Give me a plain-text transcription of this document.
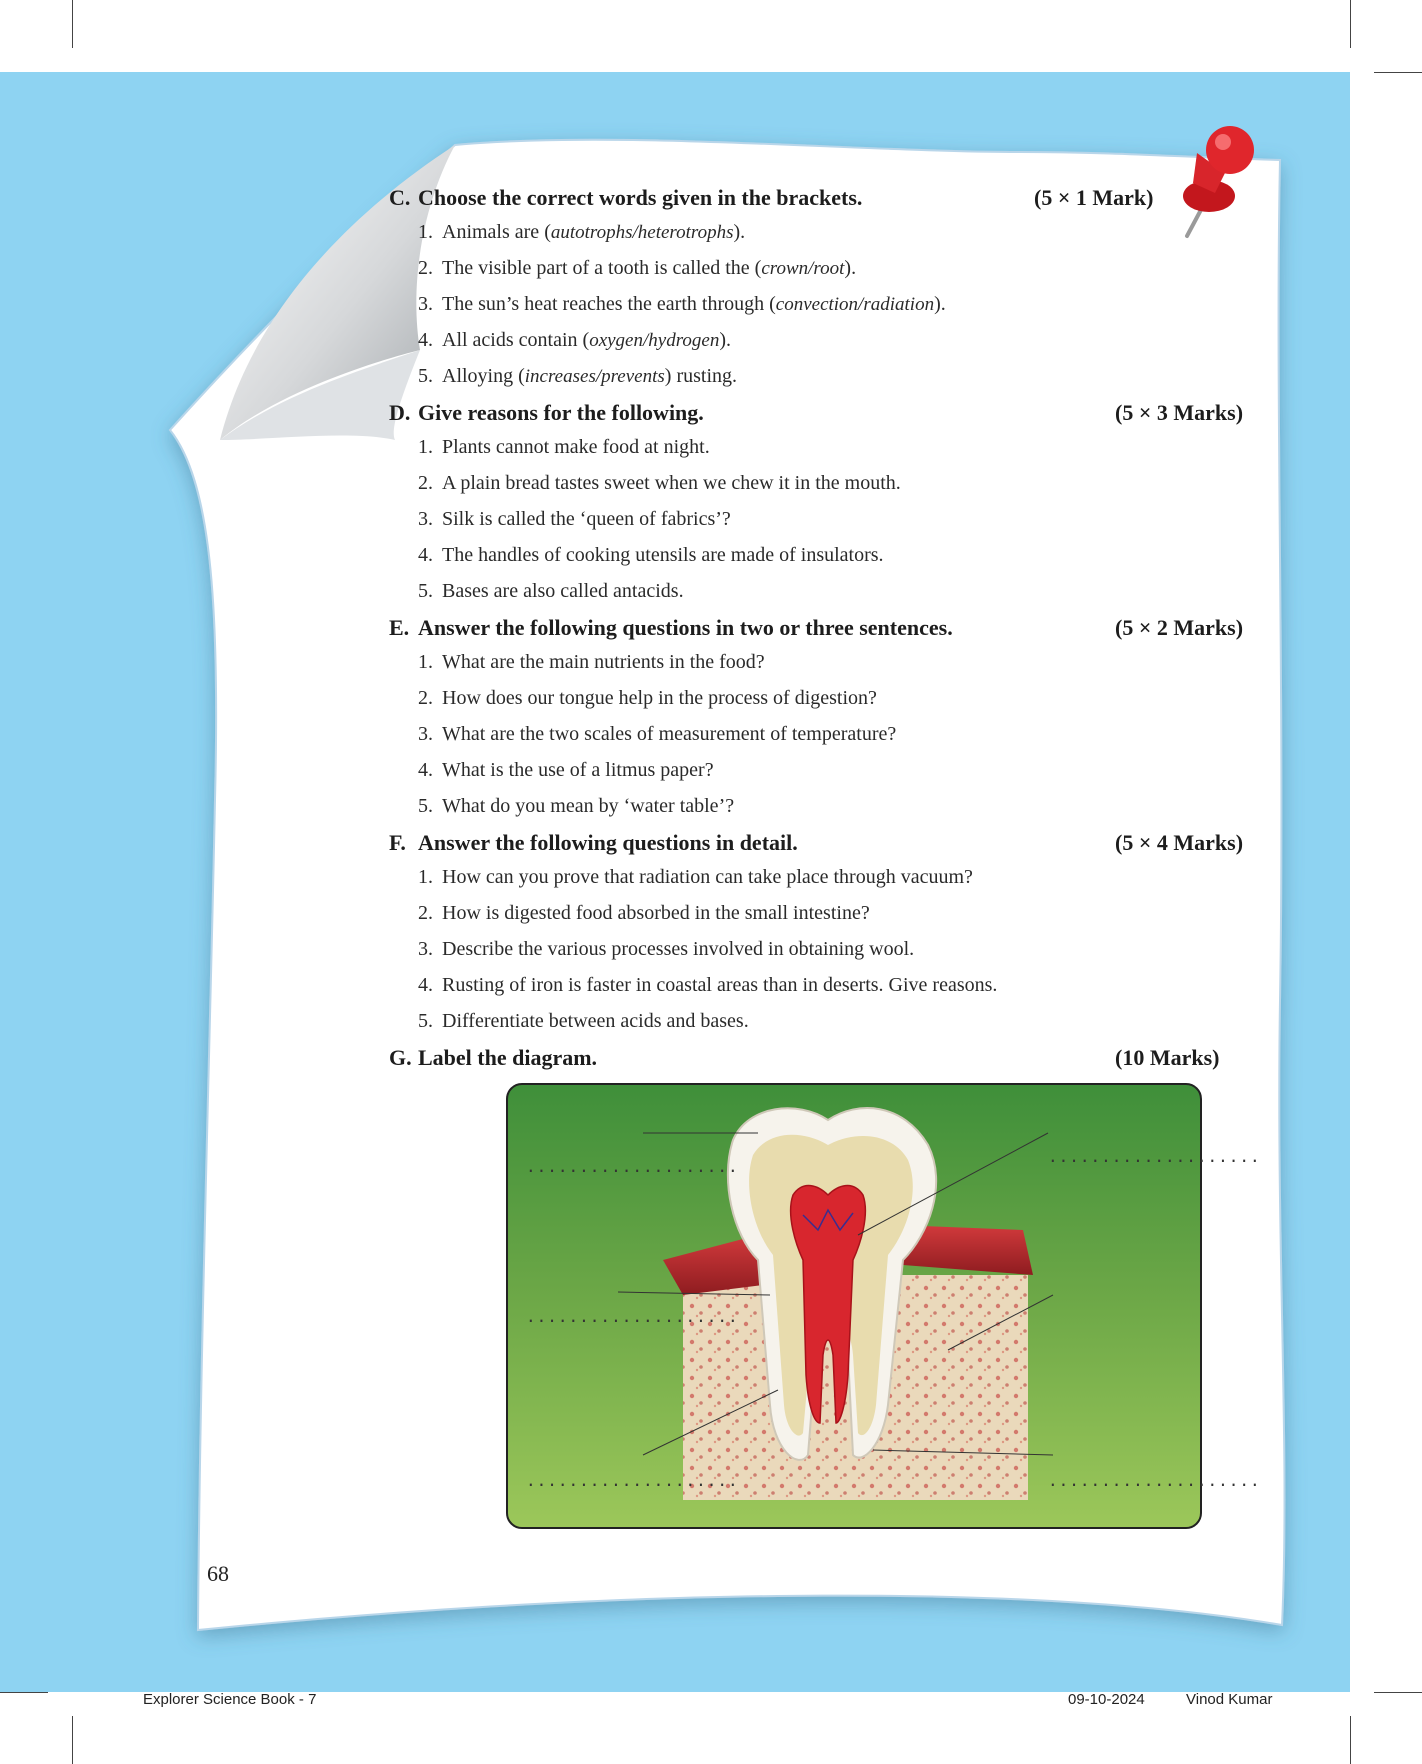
C. Choose the correct words given in the brackets.	(5 × 1 Mark)
1. Animals are (autotrophs/heterotrophs).
2. The visible part of a tooth is called the (crown/root).
3. The sun’s heat reaches the earth through (convection/radiation).
4. All acids contain (oxygen/hydrogen).
5. Alloying (increases/prevents) rusting.
D. Give reasons for the following.	(5 × 3 Marks)
1. Plants cannot make food at night.
2. A plain bread tastes sweet when we chew it in the mouth.
3. Silk is called the ‘queen of fabrics’?
4. The handles of cooking utensils are made of insulators.
5. Bases are also called antacids.
E. Answer the following questions in two or three sentences.	(5 × 2 Marks)
1. What are the main nutrients in the food?
2. How does our tongue help in the process of digestion?
3. What are the two scales of measurement of temperature?
4. What is the use of a litmus paper?
5. What do you mean by ‘water table’?
F. Answer the following questions in detail.	(5 × 4 Marks)
1. How can you prove that radiation can take place through vacuum?
2. How is digested food absorbed in the small intestine?
3. Describe the various processes involved in obtaining wool.
4. Rusting of iron is faster in coastal areas than in deserts. Give reasons.
5. Differentiate between acids and bases.
G. Label the diagram.	(10 Marks)
....................
....................
....................
....................	....................
68
Explorer Science Book - 7	09-10-2024	Vinod Kumar
